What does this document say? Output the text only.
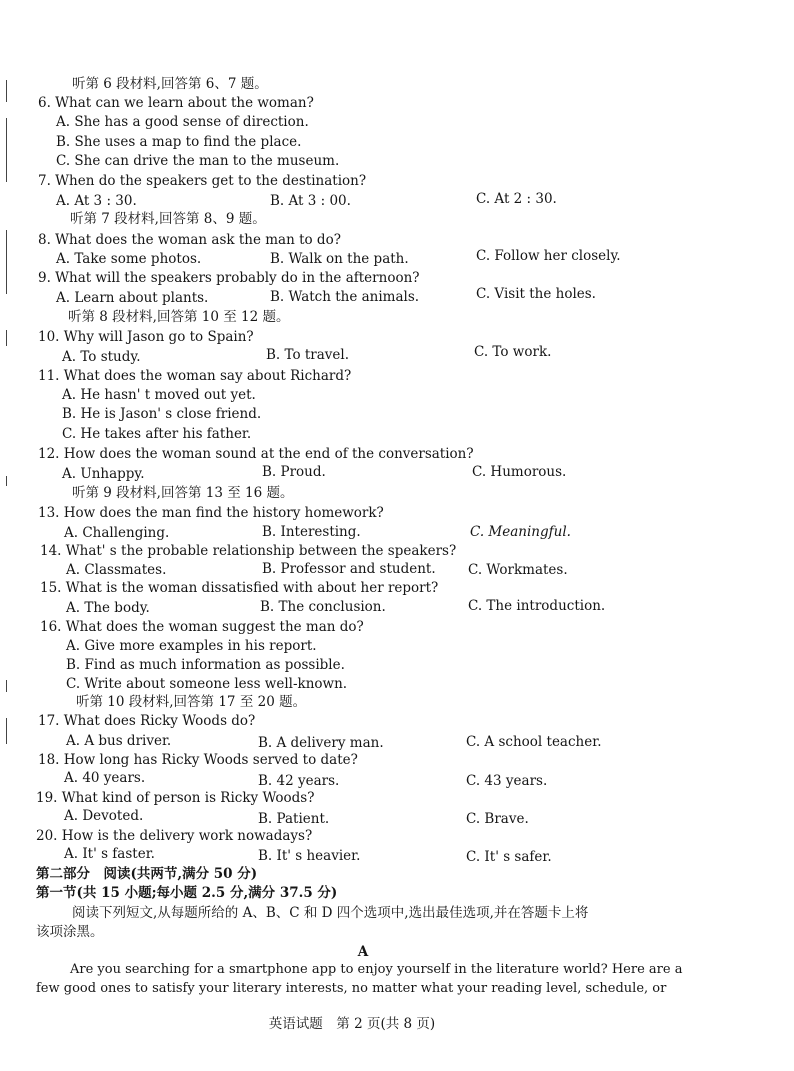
听第 6 段材料,回答第 6、7 题。
6. What can we learn about the woman?
A. She has a good sense of direction.
B. She uses a map to find the place.
C. She can drive the man to the museum.
7. When do the speakers get to the destination?
A. At 3 : 30.	B. At 3 : 00.	C. At 2 : 30.
听第 7 段材料,回答第 8、9 题。
8. What does the woman ask the man to do?
A. Take some photos.	B. Walk on the path.	C. Follow her closely.
9. What will the speakers probably do in the afternoon?
A. Learn about plants.	B. Watch the animals.	C. Visit the holes.
听第 8 段材料,回答第 10 至 12 题。
10. Why will Jason go to Spain?
A. To study.	B. To travel.	C. To work.
11. What does the woman say about Richard?
A. He hasn' t moved out yet.
B. He is Jason' s close friend.
C. He takes after his father.
12. How does the woman sound at the end of the conversation?
A. Unhappy.	B. Proud.	C. Humorous.
听第 9 段材料,回答第 13 至 16 题。
13. How does the man find the history homework?
A. Challenging.	B. Interesting.	C. Meaningful.
14. What' s the probable relationship between the speakers?
A. Classmates.	B. Professor and student. C. Workmates.
15. What is the woman dissatisfied with about her report?
A. The body.	B. The conclusion.	C. The introduction.
16. What does the woman suggest the man do?
A. Give more examples in his report.
B. Find as much information as possible.
C. Write about someone less well-known.
听第 10 段材料,回答第 17 至 20 题。
17. What does Ricky Woods do?
A. A bus driver.	B. A delivery man.	C. A school teacher.
18. How long has Ricky Woods served to date?
A. 40 years.	B. 42 years.	C. 43 years.
19. What kind of person is Ricky Woods?
A. Devoted.	B. Patient.	C. Brave.
20. How is the delivery work nowadays?
A. It' s faster.	B. It' s heavier.	C. It' s safer.
第二部分　阅读(共两节,满分 50 分)
第一节(共 15 小题;每小题 2.5 分,满分 37.5 分)
阅读下列短文,从每题所给的 A、B、C 和 D 四个选项中,选出最佳选项,并在答题卡上将
该项涂黑。
A
Are you searching for a smartphone app to enjoy yourself in the literature world? Here are a
few good ones to satisfy your literary interests, no matter what your reading level, schedule, or
英语试题　第 2 页(共 8 页)
